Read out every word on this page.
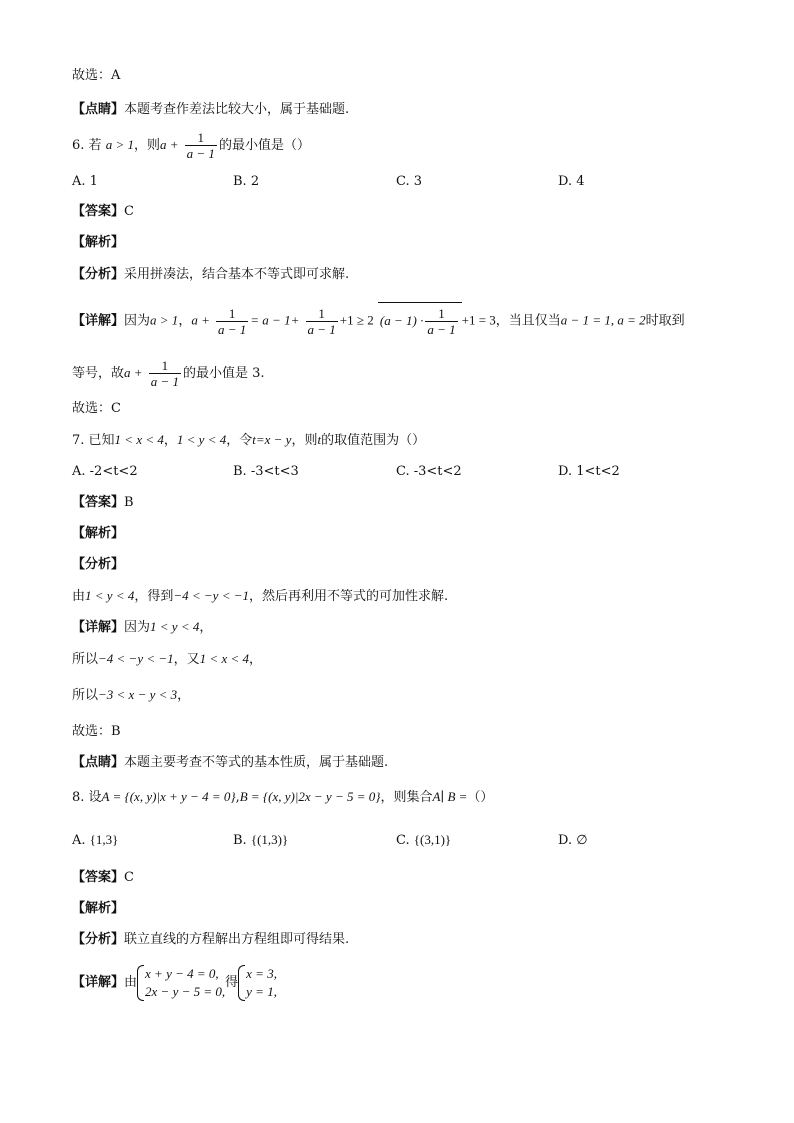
故选：A
【点睛】本题考查作差法比较大小，属于基础题.
6. 若 a > 1，则$a + \frac{1}{a - 1}$ 的最小值是（）
A. 1	B. 2	C. 3	D. 4
【答案】C
【解析】
【分析】采用拼凑法，结合基本不等式即可求解.
【详解】因为a > 1，$a + \frac{1}{a - 1} = a - 1+ \frac{1}{a - 1} +1 \ge 2$ $(a - 1) \cdot \frac{1}{a - 1} +1 = 3$，当且仅当a − 1 = 1, a = 2时取到
等号，故$a + \frac{1}{a - 1}$ 的最小值是 3.
故选：C
7. 已知1 < x < 4，1 < y < 4，令t=x − y，则t的取值范围为（）
A. -2<t<2	B. -3<t<3	C. -3<t<2	D. 1<t<2
【答案】B
【解析】
【分析】
由1 < y < 4，得到−4 < −y < −1，然后再利用不等式的可加性求解.
【详解】因为1 < y < 4，
所以−4 < −y < −1，又1 < x < 4，
所以−3 < x − y < 3，
故选：B
【点睛】本题主要考查不等式的基本性质，属于基础题.
8. 设A = {(x, y)|x + y − 4 = 0},B = {(x, y)|2x − y − 5 = 0}，则集合A∣ B =（）
A. {1,3}	B. {(1,3)}	C. {(3,1)}	D. ∅
【答案】C
【解析】
【分析】联立直线的方程解出方程组即可得结果.
【详解】由
x + y − 4 = 0,
2x − y − 5 = 0,
得
x = 3,
y = 1,
